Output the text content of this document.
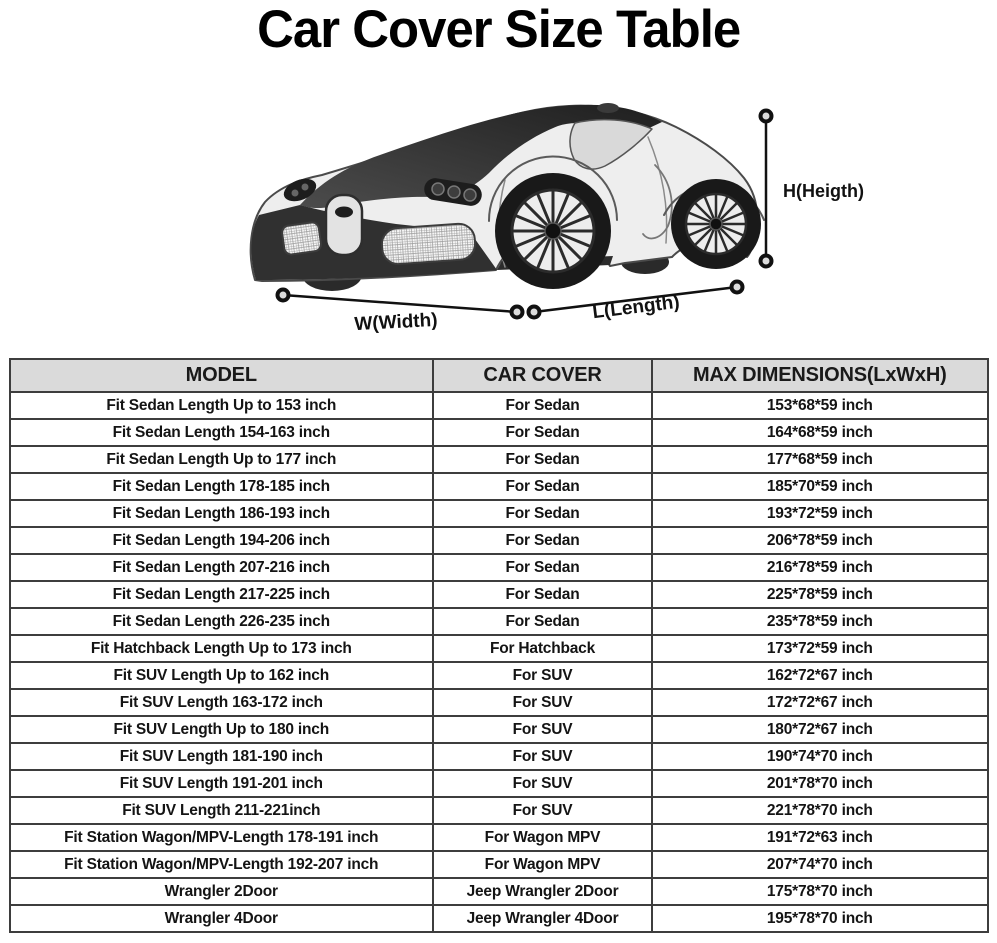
Car Cover Size Table
H(Heigth)
W(Width)	L(Length)
MODEL	CAR COVER	MAX DIMENSIONS(LxWxH)
Fit Sedan Length Up to 153 inch	For Sedan	153*68*59 inch
Fit Sedan Length 154-163 inch	For Sedan	164*68*59 inch
Fit Sedan Length Up to 177 inch	For Sedan	177*68*59 inch
Fit Sedan Length 178-185 inch	For Sedan	185*70*59 inch
Fit Sedan Length 186-193 inch	For Sedan	193*72*59 inch
Fit Sedan Length 194-206 inch	For Sedan	206*78*59 inch
Fit Sedan Length 207-216 inch	For Sedan	216*78*59 inch
Fit Sedan Length 217-225 inch	For Sedan	225*78*59 inch
Fit Sedan Length 226-235 inch	For Sedan	235*78*59 inch
Fit Hatchback Length Up to 173 inch	For Hatchback	173*72*59 inch
Fit SUV Length Up to 162 inch	For SUV	162*72*67 inch
Fit SUV Length 163-172 inch	For SUV	172*72*67 inch
Fit SUV Length Up to 180 inch	For SUV	180*72*67 inch
Fit SUV Length 181-190 inch	For SUV	190*74*70 inch
Fit SUV Length 191-201 inch	For SUV	201*78*70 inch
Fit SUV Length 211-221inch	For SUV	221*78*70 inch
Fit Station Wagon/MPV-Length 178-191 inch	For Wagon MPV	191*72*63 inch
Fit Station Wagon/MPV-Length 192-207 inch	For Wagon MPV	207*74*70 inch
Wrangler 2Door	Jeep Wrangler 2Door	175*78*70 inch
Wrangler 4Door	Jeep Wrangler 4Door	195*78*70 inch
